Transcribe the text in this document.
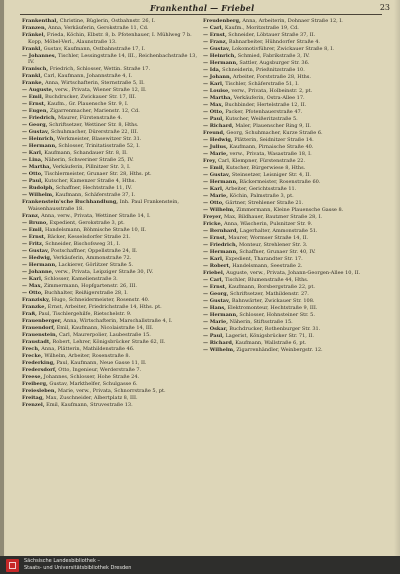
Frankenthal — Friebel	23

Frankenthal, Christine, Büglerin, Ostbahnstr. 26, I.

Franzen, Anna, Verkäuferin, Gerokstraße 11, Cd.

Fränkel, Frieda, Köchin, Elbstr. 8, b. Pfotenhauer, I. Mühlweg 7 b. Kopp, Möbel-Verl., Alaunstraße 13.

Frankl, Gustav, Kaufmann, Ostbahnstraße 17, I.

— Johannes, Tischler, Lessingstraße 14, III., Reichenbachstraße 13, IV.

Franisch, Friedrich, Schlosser, Wettin. Straße 17.

Frankl, Carl, Kaufmann, Johannstraße 4, I.

Franke, Anna, Wirtschafterin, Sternstraße 5, II.

— Auguste, verw., Privata, Wiener Straße 12, II.

— Emil, Buchdrucker, Zwickauer Str. 17, III.

— Ernst, Kaufm., Gr. Plauensche Str. 9, I.

— Eugen, Zigarrenmacher, Marienstr. 12, Cd.

— Friedrich, Maurer, Fürstenstraße 4.

— Georg, Schriftsetzer, Wettiner Str. 8, Hths.

— Gustav, Schuhmacher, Dürerstraße 22, III.

— Heinrich, Werkmeister, Blasewitzer Str. 31.

— Hermann, Schlosser, Trinitatisstraße 52, I.

— Karl, Kaufmann, Schandauer Str. 8, II.

— Lina, Näherin, Schweriner Straße 25, IV.

— Martha, Verkäuferin, Pillnitzer Str. 3, I.

— Otto, Tischlermeister, Grunaer Str. 28, Hths. pt.

— Paul, Kutscher, Kamenzer Straße 4, Hths.

— Rudolph, Schaffner, Hechtstraße 11, IV.

— Wilhelm, Kaufmann, Schäferstraße 37, I.

Frankenstein'sche Buchhandlung, Inh. Paul Frankenstein, Waisenhausstraße 18.

Franz, Anna, verw., Privata, Wettiner Straße 14, I.

— Bruno, Expedient, Gerokstraße 3, pt.

— Emil, Handelsmann, Böhmische Straße 10, II.

— Ernst, Bäcker, Kesselsdorfer Straße 21.

— Fritz, Schneider, Bischofsweg 31, I.

— Gustav, Postschaffner, Oppellstraße 24, II.

— Hedwig, Verkäuferin, Ammonstraße 72.

— Hermann, Lackierer, Görlitzer Straße 5.

— Johanne, verw., Privata, Leipziger Straße 30, IV.

— Karl, Schlosser, Kamelienstraße 3.

— Max, Zimmermann, Hopfgartenstr. 26, III.

— Otto, Buchhalter, Reißigerstraße 28, I.

Franzisky, Hugo, Schneidermeister, Rosenstr. 40.

Franzke, Ernst, Arbeiter, Friedrichstraße 14, Hths. pt.

Fraß, Paul, Tischlergehilfe, Rietschelstr. 9.

Frauenberger, Anna, Wirtschafterin, Marschallstraße 4, I.

Frauendorf, Emil, Kaufmann, Nicolaistraße 14, III.

Frauenstein, Carl, Maurerpolier, Laubestraße 15.

Fraustadt, Robert, Lehrer, Königsbrücker Straße 62, II.

Frech, Anna, Plätterin, Mathildenstraße 46.

Frecke, Wilhelm, Arbeiter, Rosenstraße 8.

Frederking, Paul, Kaufmann, Neue Gasse 11, II.

Fredersdorf, Otto, Ingenieur, Werderstraße 7.

Freese, Johannes, Schlosser, Hohe Straße 24.

Freiberg, Gustav, Markthelfer, Schulgasse 6.

Freiesleben, Marie, verw., Privata, Schnorrstraße 5, pt.

Freitag, Max, Zuschneider, Albertplatz 8, III.

Frenzel, Emil, Kaufmann, Struvestraße 13.

Freudenberg, Anna, Arbeiterin, Dohnaer Straße 12, I.

— Carl, Kaufm., Moritzstraße 19, Cd.

— Ernst, Schneider, Löbtauer Straße 37, II.

— Franz, Bahnarbeiter, Hühndorfer Straße 4.

— Gustav, Lokomotivführer, Zwickauer Straße 8, I.

— Heinrich, Schmied, Fabrikstraße 3, IV.

— Hermann, Sattler, Augsburger Str. 36.

— Ida, Schneiderin, Prießnitzstraße 10.

— Johann, Arbeiter, Forststraße 28, Hths.

— Karl, Tischler, Schäferstraße 51, I.

— Louise, verw., Privata, Holbeinstr. 2, pt.

— Martha, Verkäuferin, Ostra-Allee 17.

— Max, Buchbinder, Hertelstraße 12, II.

— Otto, Packer, Pfotenhauerstraße 47.

— Paul, Kutscher, Weißeritzstraße 5.

— Richard, Maler, Plauenscher Ring 9, II.

Freund, Georg, Schuhmacher, Kurze Straße 6.

— Hedwig, Plätterin, Seidnitzer Straße 14.

— Julius, Kaufmann, Pirnaische Straße 40.

— Marie, verw., Privata, Wasastraße 18, I.

Frey, Carl, Klempner, Fürstenstraße 22.

— Emil, Kutscher, Bürgerwiese 8, Hths.

— Gustav, Steinsetzer, Leisniger Str. 4, II.

— Hermann, Bäckermeister, Rosenstraße 60.

— Karl, Arbeiter, Gerichtsstraße 11.

— Marie, Köchin, Palmstraße 3, pt.

— Otto, Gärtner, Strehlener Straße 21.

— Wilhelm, Zimmermann, Kleine Plauensche Gasse 8.

Freyer, Max, Bildhauer, Bautzner Straße 28, I.

Fricke, Anna, Wäscherin, Pulsnitzer Str. 9.

— Bernhard, Lagerhalter, Ammonstraße 51.

— Ernst, Maurer, Wormser Straße 14, II.

— Friedrich, Monteur, Strehlener Str. 3.

— Hermann, Schaffner, Grunaer Str. 40, IV.

— Karl, Expedient, Tharandter Str. 17.

— Robert, Handelsmann, Seestraße 2.

Friebel, Auguste, verw., Privata, Johann-Georgen-Allee 10, II.

— Carl, Tischler, Blumenstraße 44, Hths.

— Ernst, Kaufmann, Borsbergstraße 22, pt.

— Georg, Schriftsetzer, Mathildenstr. 27.

— Gustav, Bahnwärter, Zwickauer Str. 108.

— Hans, Elektromonteur, Hechtstraße 9, III.

— Hermann, Schlosser, Hohnsteiner Str. 5.

— Marie, Näherin, Stiftsstraße 15.

— Oskar, Buchdrucker, Rothenburger Str. 31.

— Paul, Lagerist, Königsbrücker Str. 71, II.

— Richard, Kaufmann, Wallstraße 6, pt.

— Wilhelm, Zigarrenhändler, Weinbergstr. 12.

Sächsische Landesbibliothek –
Staats- und Universitätsbibliothek Dresden
